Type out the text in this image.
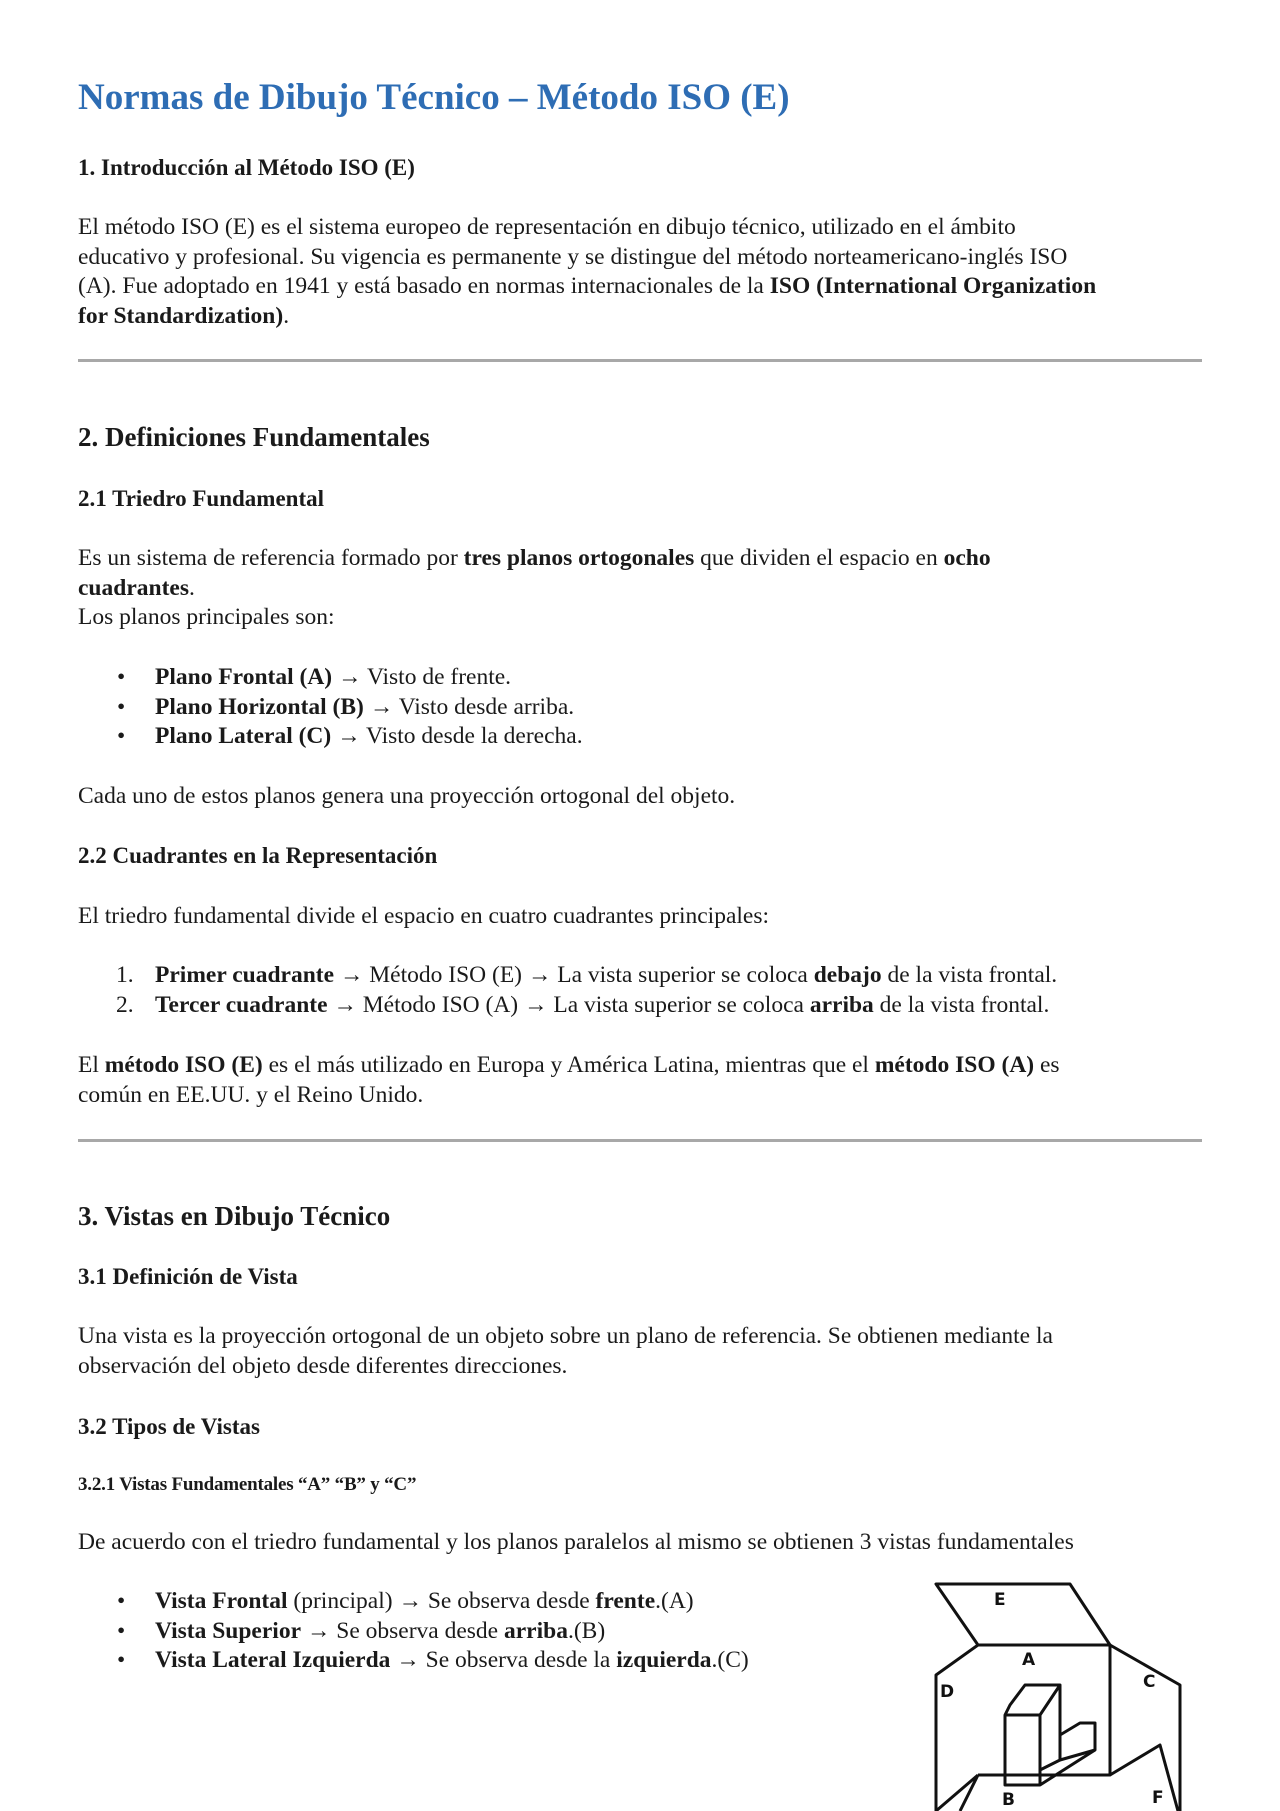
Normas de Dibujo Técnico – Método ISO (E)
1. Introducción al Método ISO (E)
El método ISO (E) es el sistema europeo de representación en dibujo técnico, utilizado en el ámbito
educativo y profesional. Su vigencia es permanente y se distingue del método norteamericano-inglés ISO
(A). Fue adoptado en 1941 y está basado en normas internacionales de la ISO (International Organization
for Standardization).
2. Definiciones Fundamentales
2.1 Triedro Fundamental
Es un sistema de referencia formado por tres planos ortogonales que dividen el espacio en ocho
cuadrantes.
Los planos principales son:
• Plano Frontal (A) → Visto de frente.
• Plano Horizontal (B) → Visto desde arriba.
• Plano Lateral (C) → Visto desde la derecha.
Cada uno de estos planos genera una proyección ortogonal del objeto.
2.2 Cuadrantes en la Representación
El triedro fundamental divide el espacio en cuatro cuadrantes principales:
1. Primer cuadrante → Método ISO (E) → La vista superior se coloca debajo de la vista frontal.
2. Tercer cuadrante → Método ISO (A) → La vista superior se coloca arriba de la vista frontal.
El método ISO (E) es el más utilizado en Europa y América Latina, mientras que el método ISO (A) es
común en EE.UU. y el Reino Unido.
3. Vistas en Dibujo Técnico
3.1 Definición de Vista
Una vista es la proyección ortogonal de un objeto sobre un plano de referencia. Se obtienen mediante la
observación del objeto desde diferentes direcciones.
3.2 Tipos de Vistas
3.2.1 Vistas Fundamentales “A” “B” y “C”
De acuerdo con el triedro fundamental y los planos paralelos al mismo se obtienen 3 vistas fundamentales
• Vista Frontal (principal) → Se observa desde frente.(A)
• Vista Superior → Se observa desde arriba.(B)
• Vista Lateral Izquierda → Se observa desde la izquierda.(C)
E
A
C
D
B	F
